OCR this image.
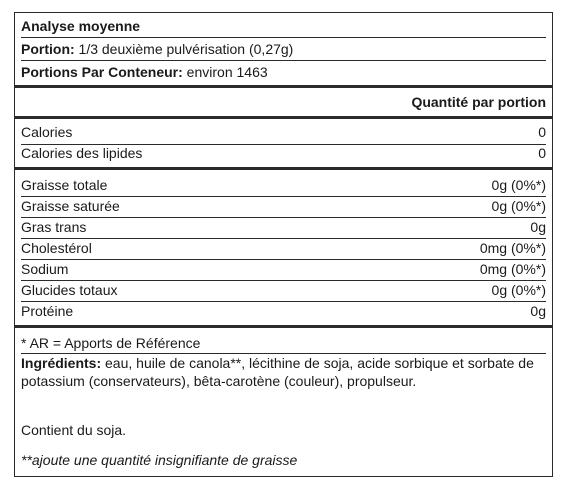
Analyse moyenne
Portion: 1/3 deuxième pulvérisation (0,27g)
Portions Par Conteneur: environ 1463
Quantité par portion
Calories	0
Calories des lipides	0
Graisse totale	0g (0%*)
Graisse saturée	0g (0%*)
Gras trans	0g
Cholestérol	0mg (0%*)
Sodium	0mg (0%*)
Glucides totaux	0g (0%*)
Protéine	0g
* AR = Apports de Référence
Ingrédients: eau, huile de canola**, lécithine de soja, acide sorbique et sorbate de potassium (conservateurs), bêta-carotène (couleur), propulseur.
Contient du soja.
**ajoute une quantité insignifiante de graisse
